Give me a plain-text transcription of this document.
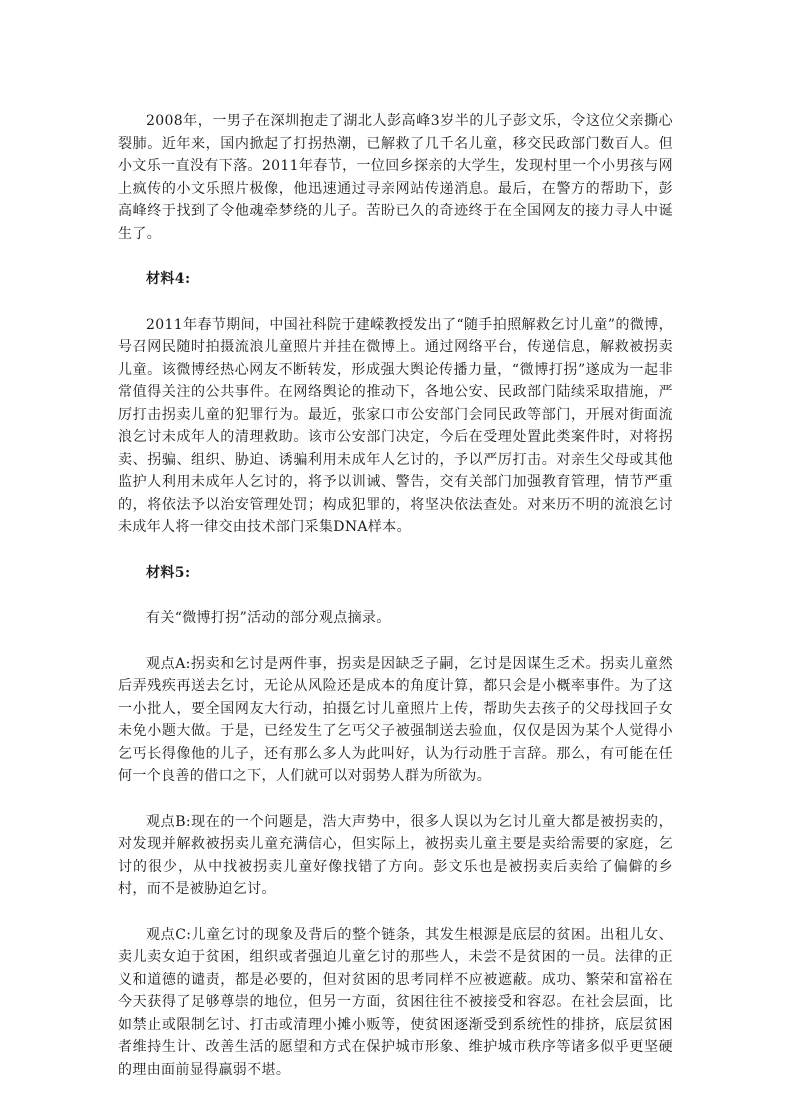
2008年，一男子在深圳抱走了湖北人彭高峰3岁半的儿子彭文乐，令这位父亲撕心裂肺。近年来，国内掀起了打拐热潮，已解救了几千名儿童，移交民政部门数百人。但小文乐一直没有下落。2011年春节，一位回乡探亲的大学生，发现村里一个小男孩与网上疯传的小文乐照片极像，他迅速通过寻亲网站传递消息。最后，在警方的帮助下，彭高峰终于找到了令他魂牵梦绕的儿子。苦盼已久的奇迹终于在全国网友的接力寻人中诞生了。

材料4:

2011年春节期间，中国社科院于建嵘教授发出了“随手拍照解救乞讨儿童”的微博，号召网民随时拍摄流浪儿童照片并挂在微博上。通过网络平台，传递信息，解救被拐卖儿童。该微博经热心网友不断转发，形成强大舆论传播力量，“微博打拐”遂成为一起非常值得关注的公共事件。在网络舆论的推动下，各地公安、民政部门陆续采取措施，严厉打击拐卖儿童的犯罪行为。最近，张家口市公安部门会同民政等部门，开展对街面流浪乞讨未成年人的清理救助。该市公安部门决定，今后在受理处置此类案件时，对将拐卖、拐骗、组织、胁迫、诱骗利用未成年人乞讨的，予以严厉打击。对亲生父母或其他监护人利用未成年人乞讨的，将予以训诫、警告，交有关部门加强教育管理，情节严重的，将依法予以治安管理处罚；构成犯罪的，将坚决依法查处。对来历不明的流浪乞讨未成年人将一律交由技术部门采集DNA样本。

材料5:

有关“微博打拐”活动的部分观点摘录。

观点A:拐卖和乞讨是两件事，拐卖是因缺乏子嗣，乞讨是因谋生乏术。拐卖儿童然后弄残疾再送去乞讨，无论从风险还是成本的角度计算，都只会是小概率事件。为了这一小批人，要全国网友大行动，拍摄乞讨儿童照片上传，帮助失去孩子的父母找回子女未免小题大做。于是，已经发生了乞丐父子被强制送去验血，仅仅是因为某个人觉得小乞丐长得像他的儿子，还有那么多人为此叫好，认为行动胜于言辞。那么，有可能在任何一个良善的借口之下，人们就可以对弱势人群为所欲为。

观点B:现在的一个问题是，浩大声势中，很多人误以为乞讨儿童大都是被拐卖的，对发现并解救被拐卖儿童充满信心，但实际上，被拐卖儿童主要是卖给需要的家庭，乞讨的很少，从中找被拐卖儿童好像找错了方向。彭文乐也是被拐卖后卖给了偏僻的乡村，而不是被胁迫乞讨。

观点C:儿童乞讨的现象及背后的整个链条，其发生根源是底层的贫困。出租儿女、卖儿卖女迫于贫困，组织或者强迫儿童乞讨的那些人，未尝不是贫困的一员。法律的正义和道德的谴责，都是必要的，但对贫困的思考同样不应被遮蔽。成功、繁荣和富裕在今天获得了足够尊崇的地位，但另一方面，贫困往往不被接受和容忍。在社会层面，比如禁止或限制乞讨、打击或清理小摊小贩等，使贫困逐渐受到系统性的排挤，底层贫困者维持生计、改善生活的愿望和方式在保护城市形象、维护城市秩序等诸多似乎更坚硬的理由面前显得羸弱不堪。
